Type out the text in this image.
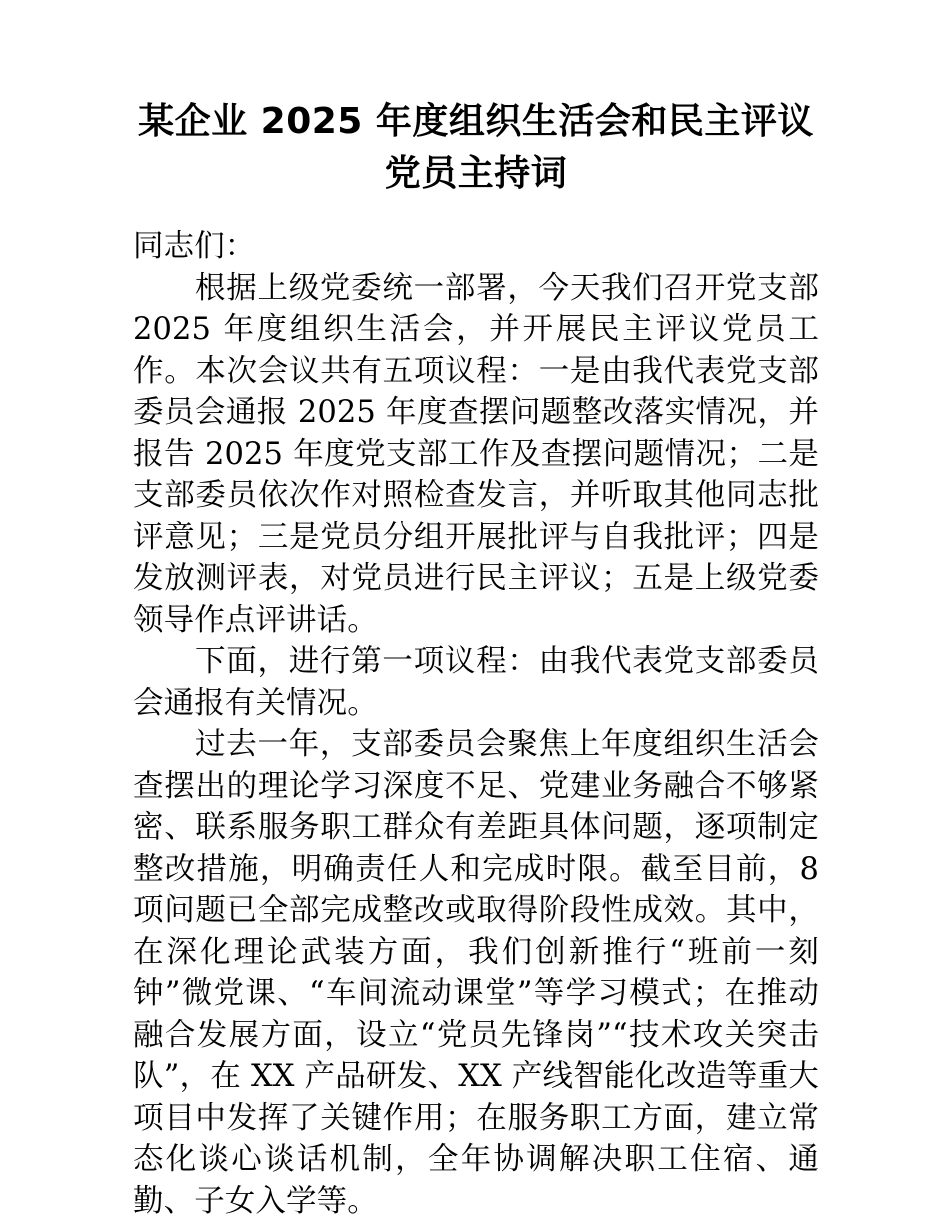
某企业 2025 年度组织生活会和民主评议党员主持词

同志们：

根据上级党委统一部署，今天我们召开党支部 2025 年度组织生活会，并开展民主评议党员工作。本次会议共有五项议程：一是由我代表党支部委员会通报 2025 年度查摆问题整改落实情况，并报告 2025 年度党支部工作及查摆问题情况；二是支部委员依次作对照检查发言，并听取其他同志批评意见；三是党员分组开展批评与自我批评；四是发放测评表，对党员进行民主评议；五是上级党委领导作点评讲话。

下面，进行第一项议程：由我代表党支部委员会通报有关情况。

过去一年，支部委员会聚焦上年度组织生活会查摆出的理论学习深度不足、党建业务融合不够紧密、联系服务职工群众有差距具体问题，逐项制定整改措施，明确责任人和完成时限。截至目前，8 项问题已全部完成整改或取得阶段性成效。其中，在深化理论武装方面，我们创新推行“班前一刻钟”微党课、“车间流动课堂”等学习模式；在推动融合发展方面，设立“党员先锋岗”“技术攻关突击队”，在 XX 产品研发、XX 产线智能化改造等重大项目中发挥了关键作用；在服务职工方面，建立常态化谈心谈话机制，全年协调解决职工住宿、通勤、子女入学等。
